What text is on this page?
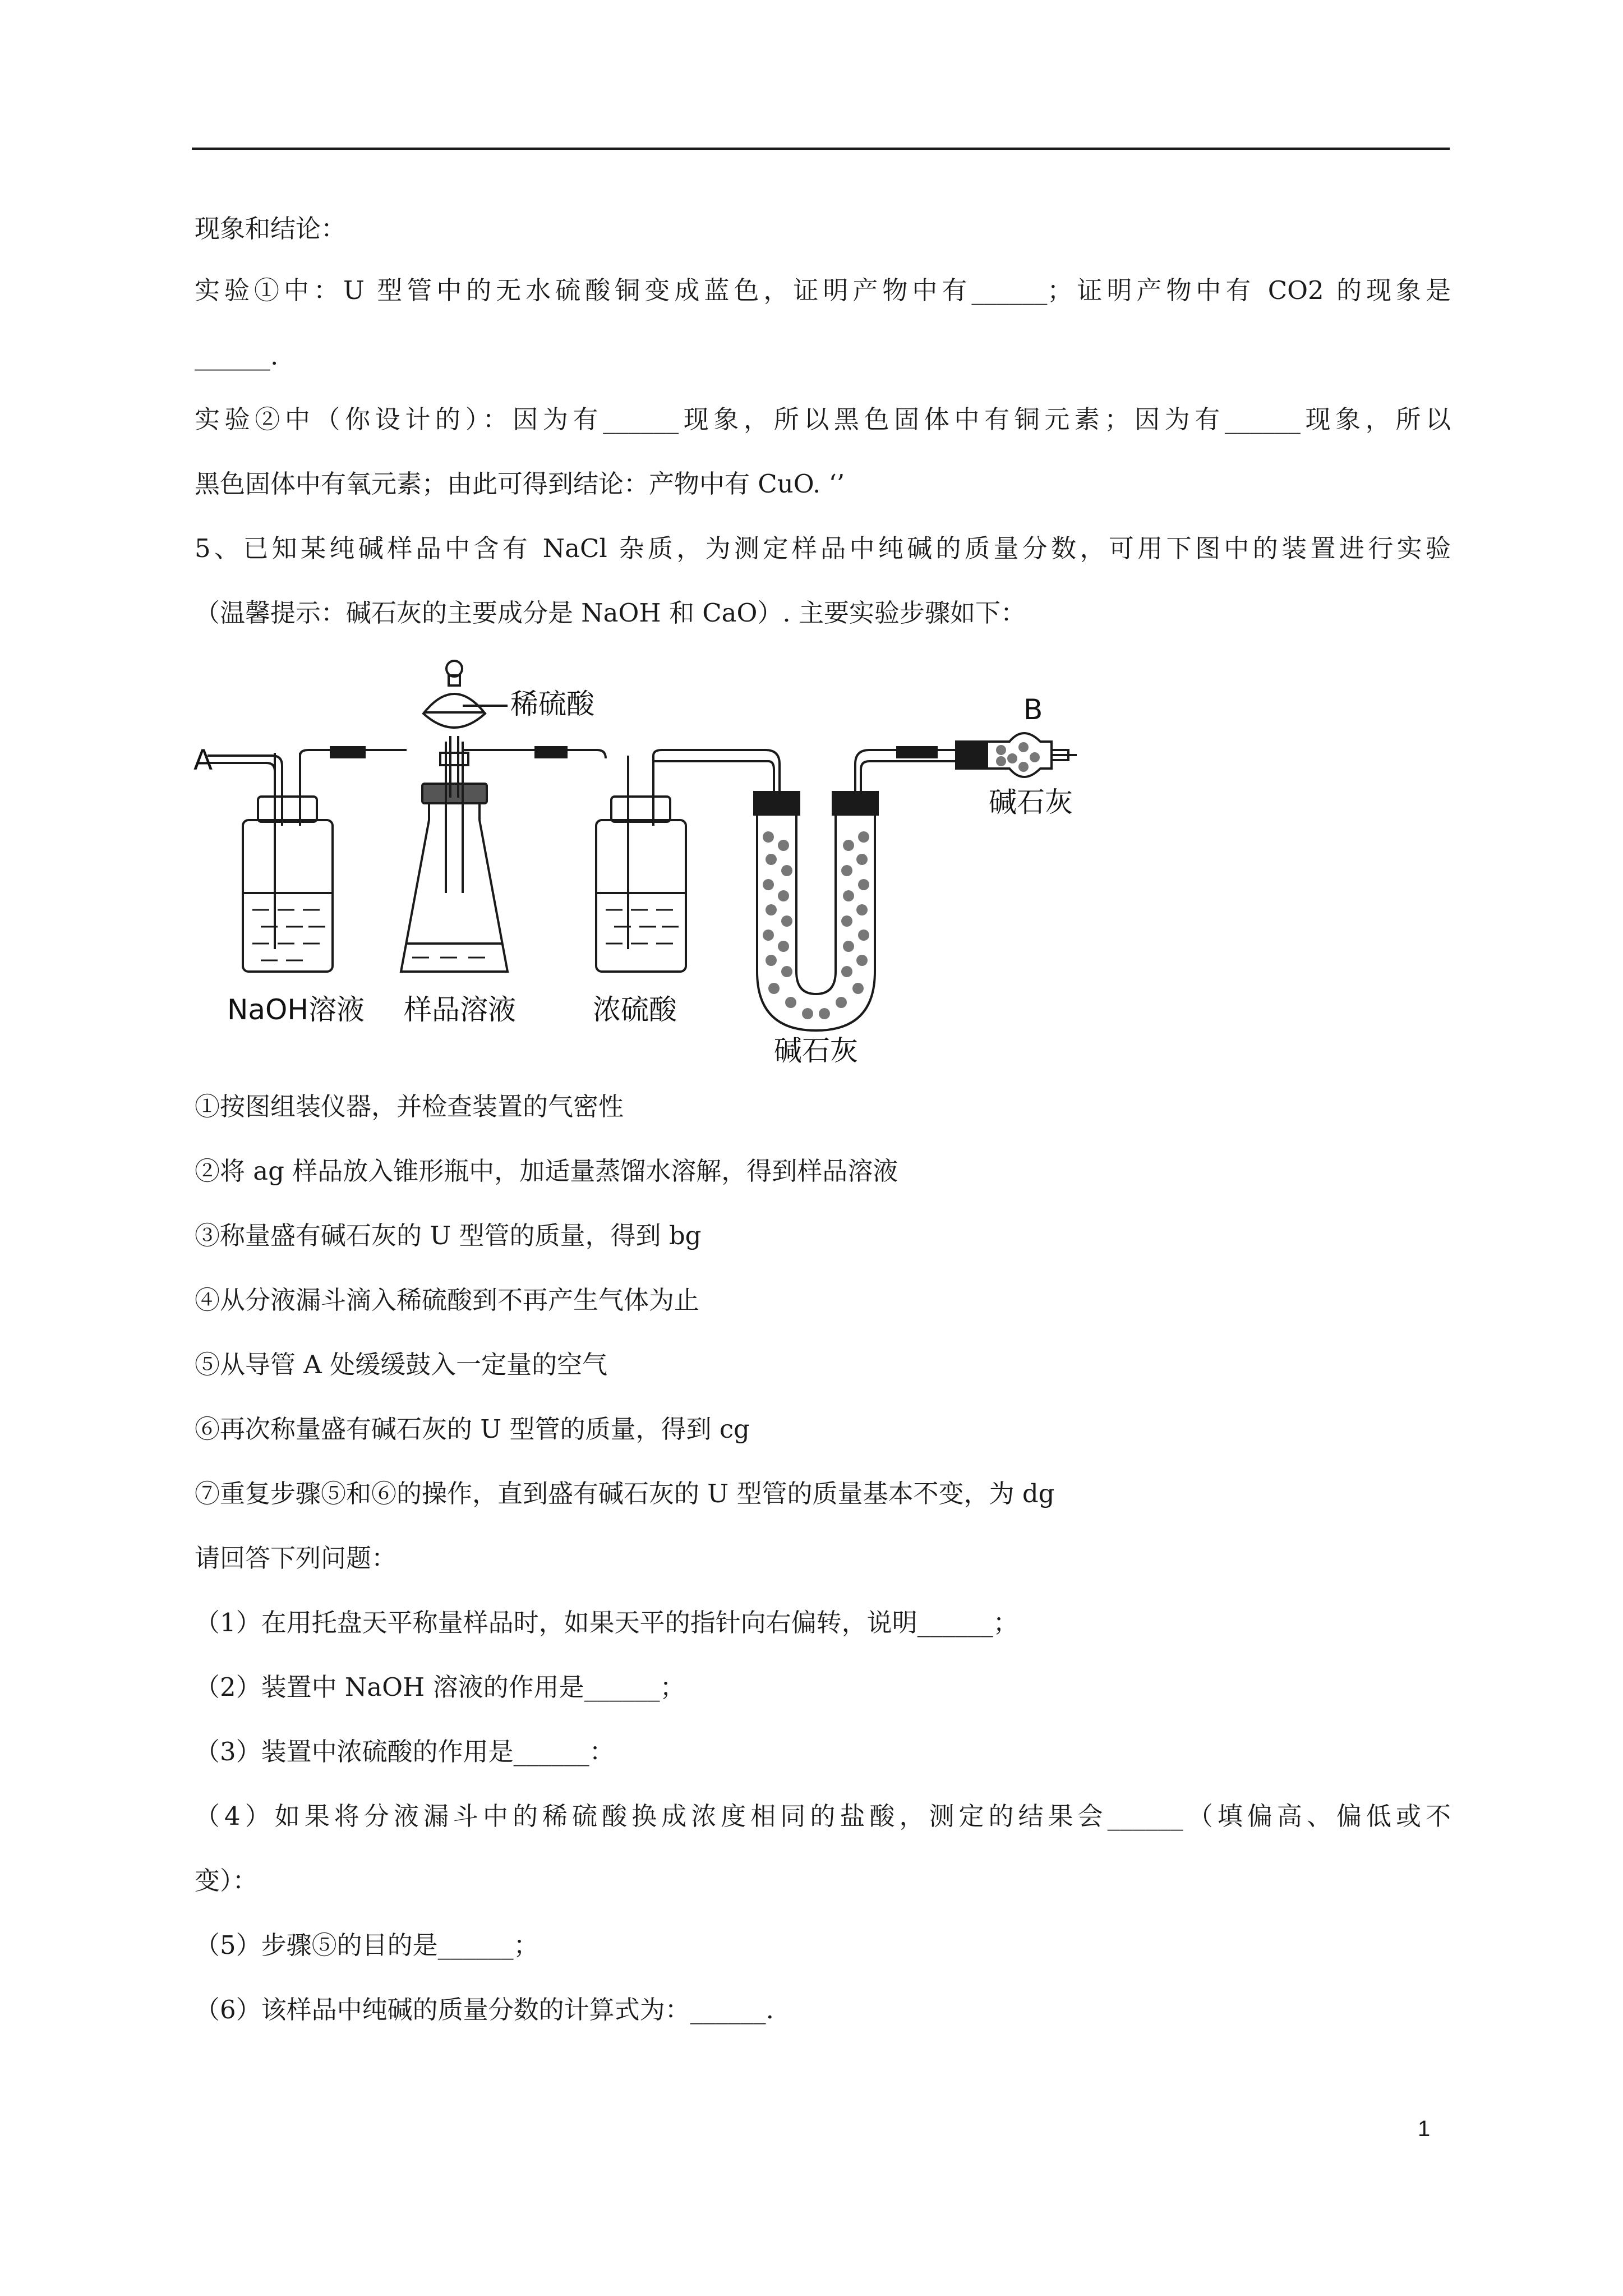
现象和结论：
实验①中：U 型管中的无水硫酸铜变成蓝色，证明产物中有______；证明产物中有 CO2 的现象是
______.
实验②中（你设计的）：因为有______现象，所以黑色固体中有铜元素；因为有______现象，所以
黑色固体中有氧元素；由此可得到结论：产物中有 CuO. ‘’
5、已知某纯碱样品中含有 NaCl 杂质，为测定样品中纯碱的质量分数，可用下图中的装置进行实验
（温馨提示：碱石灰的主要成分是 NaOH 和 CaO）. 主要实验步骤如下：
A
B
稀硫酸
NaOH溶液 样品溶液	浓硫酸
碱石灰
碱石灰
①按图组装仪器，并检查装置的气密性
②将 ag 样品放入锥形瓶中，加适量蒸馏水溶解，得到样品溶液
③称量盛有碱石灰的 U 型管的质量，得到 bg
④从分液漏斗滴入稀硫酸到不再产生气体为止
⑤从导管 A 处缓缓鼓入一定量的空气
⑥再次称量盛有碱石灰的 U 型管的质量，得到 cg
⑦重复步骤⑤和⑥的操作，直到盛有碱石灰的 U 型管的质量基本不变，为 dg
请回答下列问题：
（1）在用托盘天平称量样品时，如果天平的指针向右偏转，说明______；
（2）装置中 NaOH 溶液的作用是______；
（3）装置中浓硫酸的作用是______：
（4）如果将分液漏斗中的稀硫酸换成浓度相同的盐酸，测定的结果会______（填偏高、偏低或不
变）：
（5）步骤⑤的目的是______；
（6）该样品中纯碱的质量分数的计算式为：______.
1
